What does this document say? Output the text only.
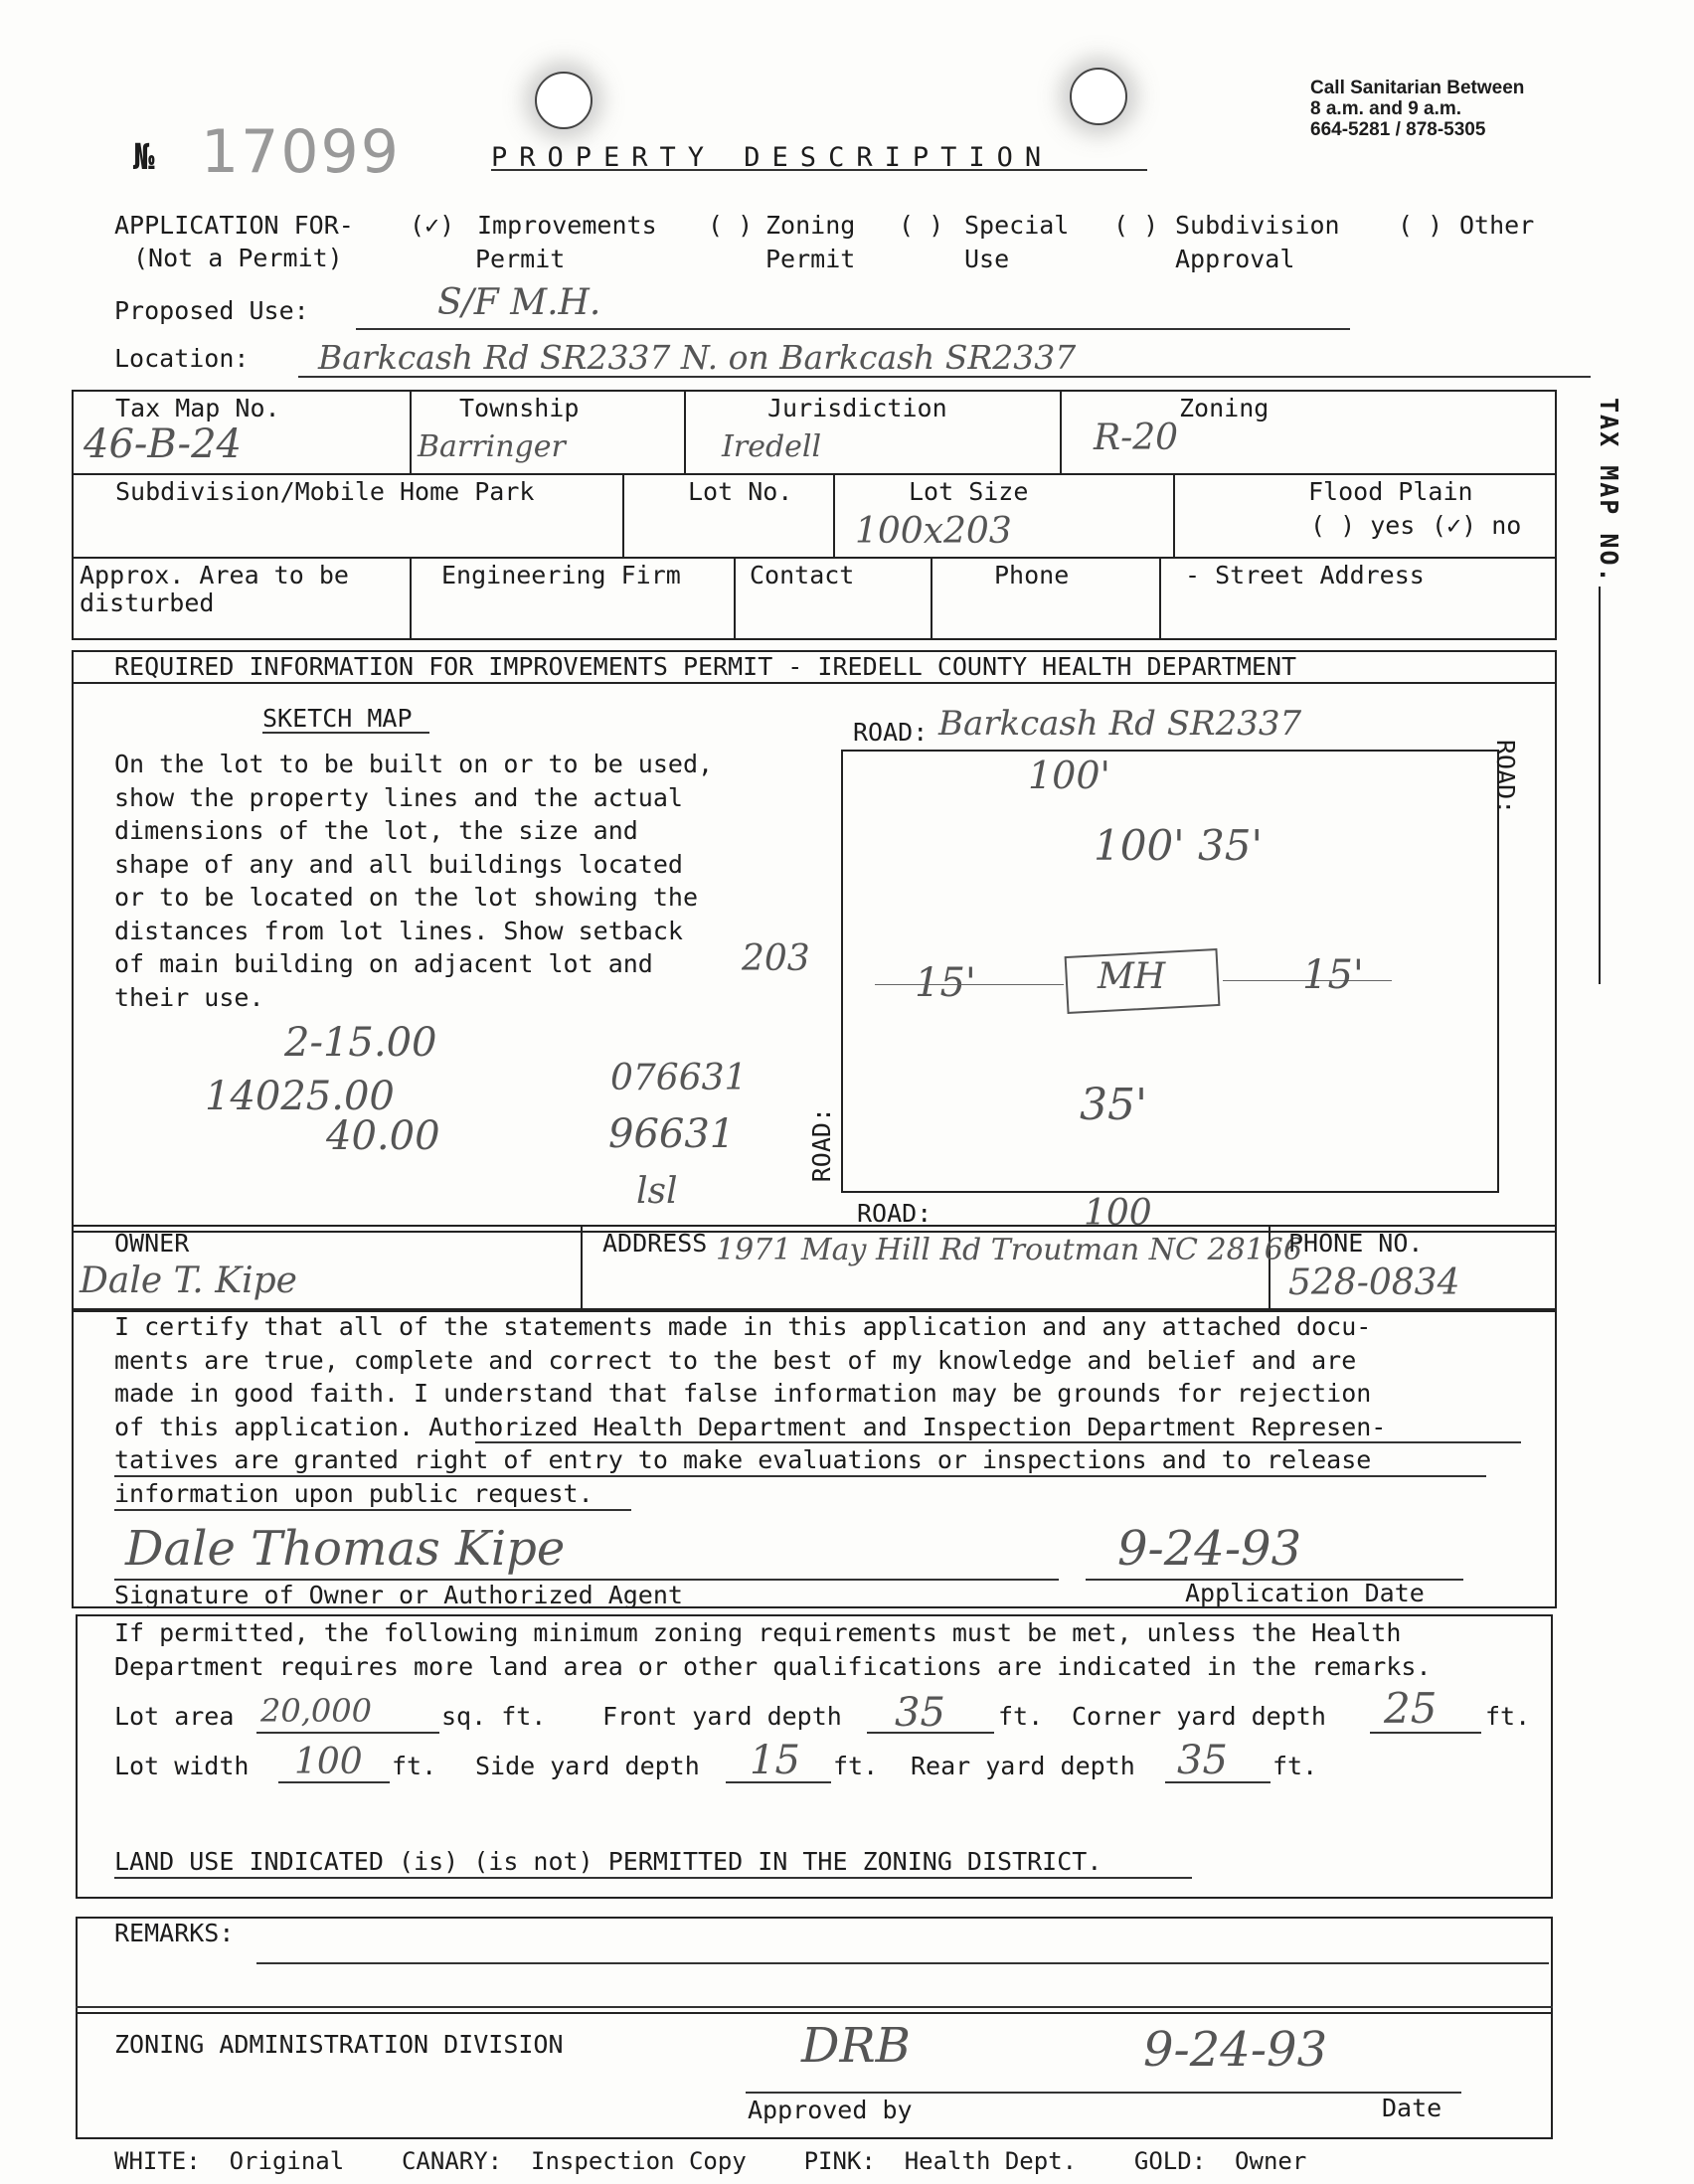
№ 17099	PROPERTY DESCRIPTION
Call Sanitarian Between
8 a.m. and 9 a.m.
664-5281 / 878-5305
APPLICATION FOR-
(Not a Permit)
(✓) Improvements
Permit
( ) Zoning
Permit
( ) Special
Use
( ) Subdivision
Approval
( ) Other
Proposed Use:	S/F M.H.
Location: Barkcash Rd SR2337 N. on Barkcash SR2337
Tax Map No.
46-B-24
Township
Barringer
Jurisdiction
Iredell
Zoning
R-20
Subdivision/Mobile Home Park	Lot No.	Lot Size
100x203
Flood Plain
( ) yes (✓) no
Approx. Area to be
disturbed
Engineering Firm	Contact	Phone	- Street Address	TAX MAP NO.
REQUIRED INFORMATION FOR IMPROVEMENTS PERMIT - IREDELL COUNTY HEALTH DEPARTMENT
SKETCH MAP
On the lot to be built on or to be used,
show the property lines and the actual
dimensions of the lot, the size and
shape of any and all buildings located
or to be located on the lot showing the
distances from lot lines. Show setback
of main building on adjacent lot and
their use.
2-15.00
14025.00
40.00
076631
96631
lsl
ROAD: Barkcash Rd SR2337
ROAD:
ROAD:
ROAD:
100'
100' 35'
203
15'	MH	15'
35'
100
OWNER
Dale T. Kipe
ADDRESS 1971 May Hill Rd Troutman NC 28166
PHONE NO.
528-0834
I certify that all of the statements made in this application and any attached docu-
ments are true, complete and correct to the best of my knowledge and belief and are
made in good faith. I understand that false information may be grounds for rejection
of this application. Authorized Health Department and Inspection Department Represen-
tatives are granted right of entry to make evaluations or inspections and to release
information upon public request.
Dale Thomas Kipe
Signature of Owner or Authorized Agent
9-24-93
Application Date
If permitted, the following minimum zoning requirements must be met, unless the Health
Department requires more land area or other qualifications are indicated in the remarks.
Lot area 20,000	sq. ft. Front yard depth 35 ft. Corner yard depth 25 ft.
Lot width 100 ft. Side yard depth 15 ft. Rear yard depth 35 ft.
LAND USE INDICATED (is) (is not) PERMITTED IN THE ZONING DISTRICT.
REMARKS:
ZONING ADMINISTRATION DIVISION	DRB	9-24-93
Approved by	Date
WHITE:  Original    CANARY:  Inspection Copy    PINK:  Health Dept.    GOLD:  Owner
